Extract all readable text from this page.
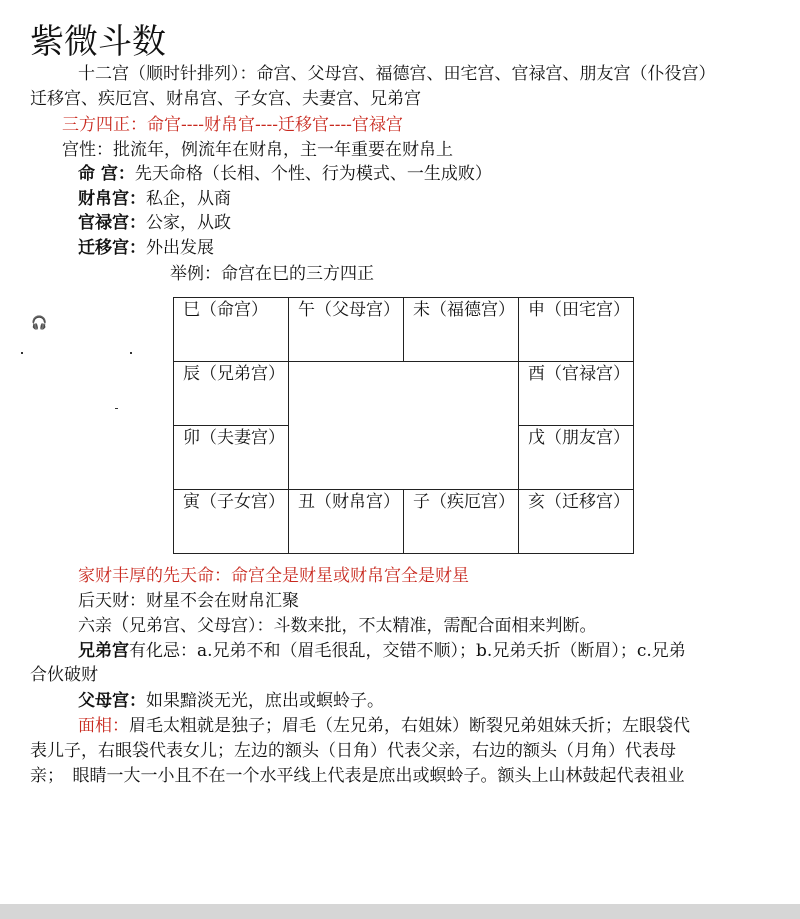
紫微斗数
十二宫（顺时针排列）：命宫、父母宫、福德宫、田宅宫、官禄宫、朋友宫（仆役宫）
迁移宫、疾厄宫、财帛宫、子女宫、夫妻宫、兄弟宫
三方四正：命官----财帛官----迁移官----官禄宫
宫性：批流年，例流年在财帛，主一年重要在财帛上
命 宫：先天命格（长相、个性、行为模式、一生成败）
财帛宫：私企，从商
官禄宫：公家，从政
迁移宫：外出发展
举例：命宫在巳的三方四正
🎧
巳（命宫）	午（父母宫）	未（福德宫）	申（田宅宫）

辰（兄弟宫）			酉（官禄宫）

卯（夫妻宫）			戊（朋友宫）

寅（子女宫）	丑（财帛宫）	子（疾厄宫）	亥（迁移宫）
家财丰厚的先天命：命宫全是财星或财帛宫全是财星
后天财：财星不会在财帛汇聚
六亲（兄弟宫、父母宫）：斗数来批，不太精准，需配合面相来判断。
兄弟宫有化忌：a.兄弟不和（眉毛很乱，交错不顺）；b.兄弟夭折（断眉）；c.兄弟
合伙破财
父母宫：如果黯淡无光，庶出或螟蛉子。
面相：眉毛太粗就是独子；眉毛（左兄弟，右姐妹）断裂兄弟姐妹夭折；左眼袋代
表儿子，右眼袋代表女儿；左边的额头（日角）代表父亲，右边的额头（月角）代表母
亲；　眼睛一大一小且不在一个水平线上代表是庶出或螟蛉子。额头上山林鼓起代表祖业
